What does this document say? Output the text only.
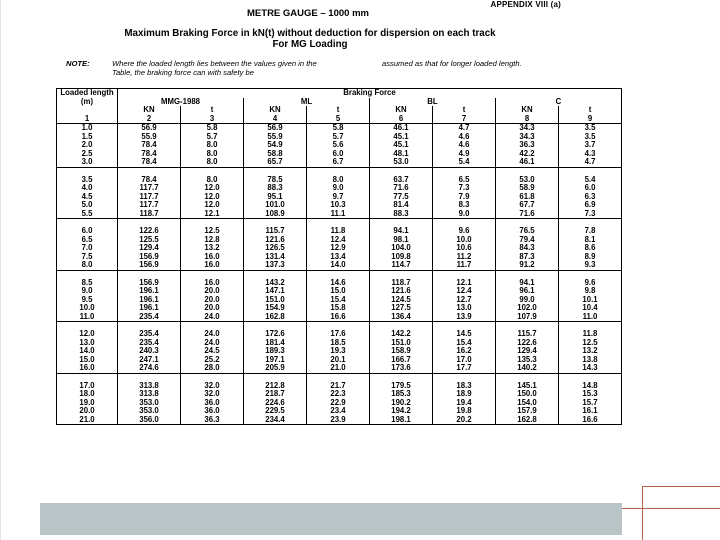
APPENDIX VIII (a)
METRE GAUGE – 1000 mm
Maximum Braking Force in kN(t) without deduction for dispersion on each track
For MG Loading
NOTE:	Where the loaded length lies between the values given in the Table, the braking force can with safety be
assumed as that for longer loaded length.
Loaded length (m)	Braking Force							
	MMG-1988		ML		BL		C	
	KN	t	KN	t	KN	t	KN	t
1	2	3	4	5	6	7	8	9
1.0	56.9	5.8	56.9	5.8	46.1	4.7	34.3	3.5
1.5	55.9	5.7	55.9	5.7	45.1	4.6	34.3	3.5
2.0	78.4	8.0	54.9	5.6	45.1	4.6	36.3	3.7
2.5	78.4	8.0	58.8	6.0	48.1	4.9	42.2	4.3
3.0	78.4	8.0	65.7	6.7	53.0	5.4	46.1	4.7

3.5	78.4	8.0	78.5	8.0	63.7	6.5	53.0	5.4
4.0	117.7	12.0	88.3	9.0	71.6	7.3	58.9	6.0
4.5	117.7	12.0	95.1	9.7	77.5	7.9	61.8	6.3
5.0	117.7	12.0	101.0	10.3	81.4	8.3	67.7	6.9
5.5	118.7	12.1	108.9	11.1	88.3	9.0	71.6	7.3

6.0	122.6	12.5	115.7	11.8	94.1	9.6	76.5	7.8
6.5	125.5	12.8	121.6	12.4	98.1	10.0	79.4	8.1
7.0	129.4	13.2	126.5	12.9	104.0	10.6	84.3	8.6
7.5	156.9	16.0	131.4	13.4	109.8	11.2	87.3	8.9
8.0	156.9	16.0	137.3	14.0	114.7	11.7	91.2	9.3

8.5	156.9	16.0	143.2	14.6	118.7	12.1	94.1	9.6
9.0	196.1	20.0	147.1	15.0	121.6	12.4	96.1	9.8
9.5	196.1	20.0	151.0	15.4	124.5	12.7	99.0	10.1
10.0	196.1	20.0	154.9	15.8	127.5	13.0	102.0	10.4
11.0	235.4	24.0	162.8	16.6	136.4	13.9	107.9	11.0

12.0	235.4	24.0	172.6	17.6	142.2	14.5	115.7	11.8
13.0	235.4	24.0	181.4	18.5	151.0	15.4	122.6	12.5
14.0	240.3	24.5	189.3	19.3	158.9	16.2	129.4	13.2
15.0	247.1	25.2	197.1	20.1	166.7	17.0	135.3	13.8
16.0	274.6	28.0	205.9	21.0	173.6	17.7	140.2	14.3

17.0	313.8	32.0	212.8	21.7	179.5	18.3	145.1	14.8
18.0	313.8	32.0	218.7	22.3	185.3	18.9	150.0	15.3
19.0	353.0	36.0	224.6	22.9	190.2	19.4	154.0	15.7
20.0	353.0	36.0	229.5	23.4	194.2	19.8	157.9	16.1
21.0	356.0	36.3	234.4	23.9	198.1	20.2	162.8	16.6
